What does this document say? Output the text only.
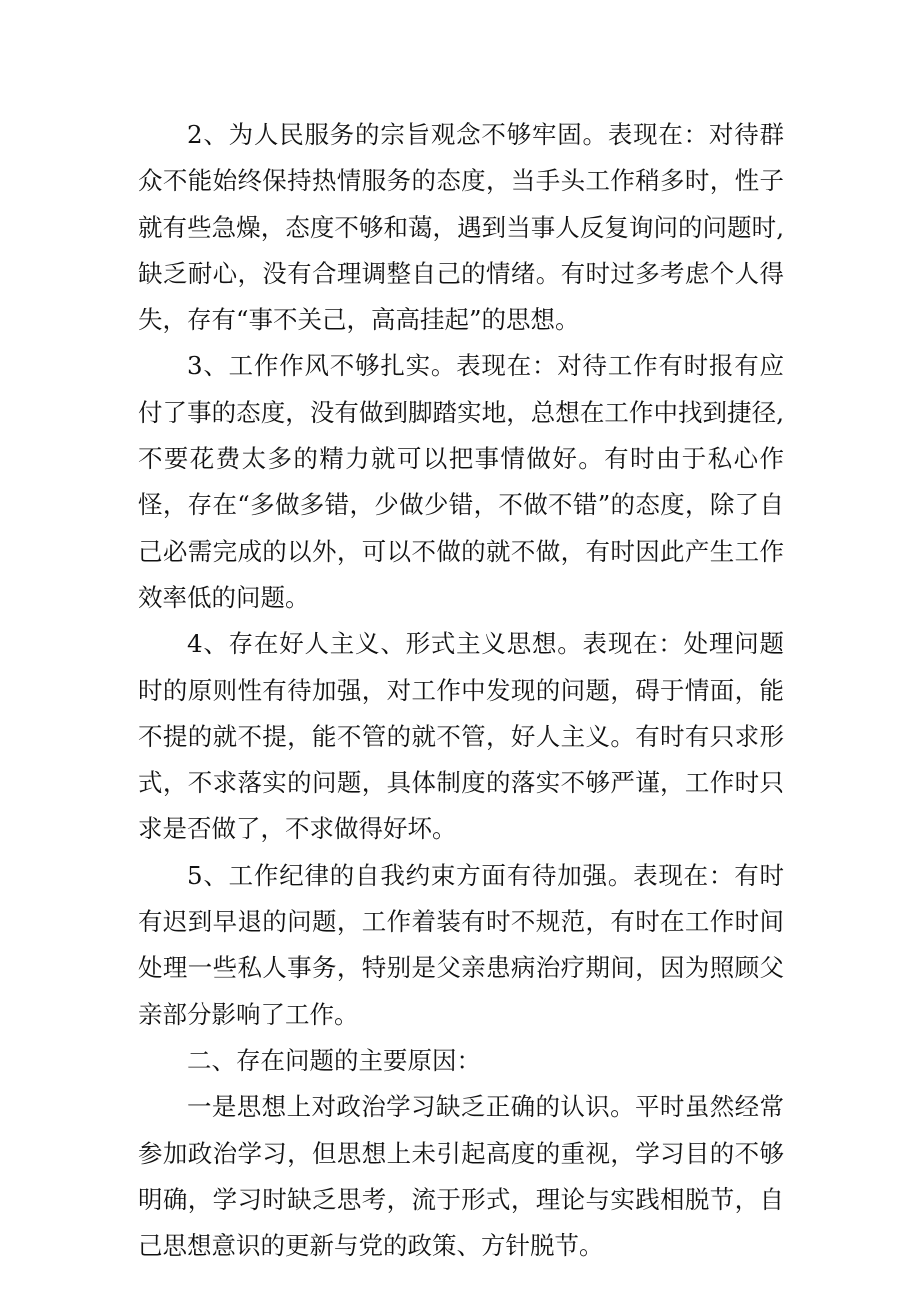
2、为人民服务的宗旨观念不够牢固。表现在：对待群众不能始终保持热情服务的态度，当手头工作稍多时，性子就有些急燥，态度不够和蔼，遇到当事人反复询问的问题时,缺乏耐心，没有合理调整自己的情绪。有时过多考虑个人得失，存有“事不关己，高高挂起”的思想。

3、工作作风不够扎实。表现在：对待工作有时报有应付了事的态度，没有做到脚踏实地，总想在工作中找到捷径,不要花费太多的精力就可以把事情做好。有时由于私心作怪，存在“多做多错，少做少错，不做不错”的态度，除了自己必需完成的以外，可以不做的就不做，有时因此产生工作效率低的问题。

4、存在好人主义、形式主义思想。表现在：处理问题时的原则性有待加强，对工作中发现的问题，碍于情面，能不提的就不提，能不管的就不管，好人主义。有时有只求形式，不求落实的问题，具体制度的落实不够严谨，工作时只求是否做了，不求做得好坏。

5、工作纪律的自我约束方面有待加强。表现在：有时有迟到早退的问题，工作着装有时不规范，有时在工作时间处理一些私人事务，特别是父亲患病治疗期间，因为照顾父亲部分影响了工作。

二、存在问题的主要原因：

一是思想上对政治学习缺乏正确的认识。平时虽然经常参加政治学习，但思想上未引起高度的重视，学习目的不够明确，学习时缺乏思考，流于形式，理论与实践相脱节，自己思想意识的更新与党的政策、方针脱节。
